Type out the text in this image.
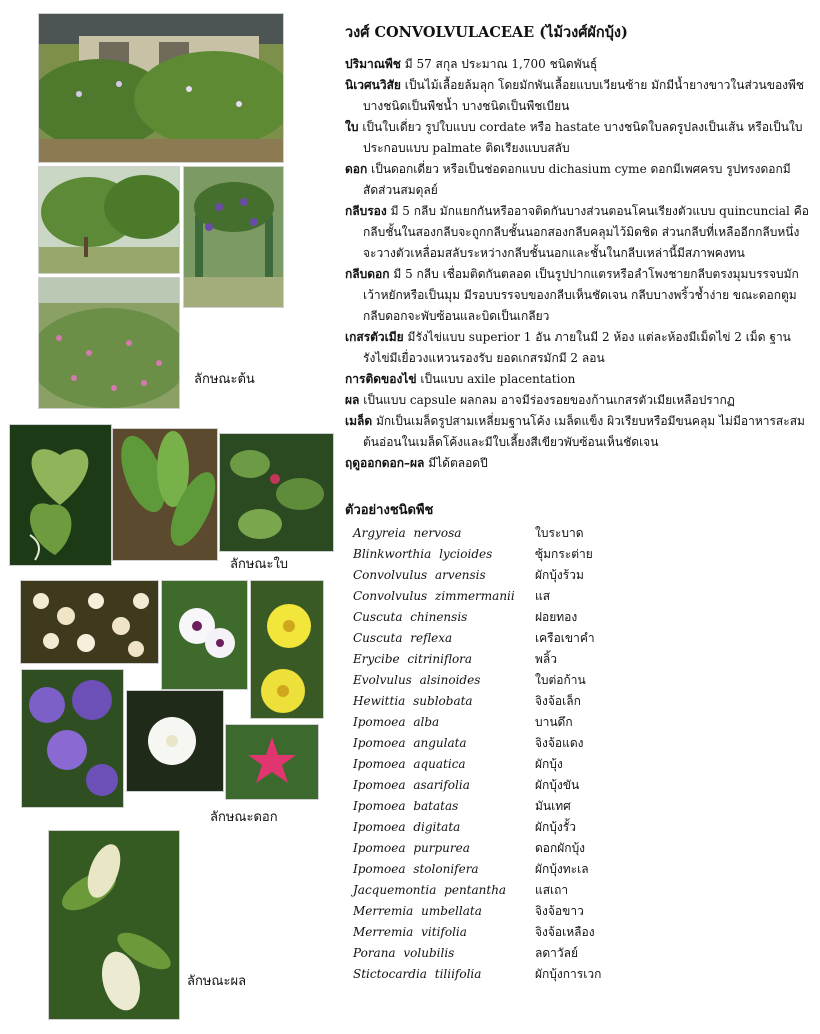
ลักษณะต้น
ลักษณะใบ
ลักษณะดอก
ลักษณะผล
วงศ์ CONVOLVULACEAE (ไม้วงศ์ผักบุ้ง)
ปริมาณพืช มี 57 สกุล ประมาณ 1,700 ชนิดพันธุ์
นิเวศนวิสัย เป็นไม้เลื้อยล้มลุก โดยมักพันเลื้อยแบบเวียนซ้าย มักมีน้ำยางขาวในส่วนของพืช บางชนิดเป็นพืชน้ำ บางชนิดเป็นพืชเบียน
ใบ เป็นใบเดี่ยว รูปใบแบบ cordate หรือ hastate บางชนิดใบลดรูปลงเป็นเส้น หรือเป็นใบประกอบแบบ palmate ติดเรียงแบบสลับ
ดอก เป็นดอกเดี่ยว หรือเป็นช่อดอกแบบ dichasium cyme ดอกมีเพศครบ รูปทรงดอกมีสัดส่วนสมดุลย์
กลีบรอง มี 5 กลีบ มักแยกกันหรืออาจติดกันบางส่วนตอนโคนเรียงตัวแบบ quincuncial คือกลีบชั้นในสองกลีบจะถูกกลีบชั้นนอกสองกลีบคลุมไว้มิดชิด ส่วนกลีบที่เหลืออีกกลีบหนึ่งจะวางตัวเหลื่อมสลับระหว่างกลีบชั้นนอกและชั้นในกลีบเหล่านี้มีสภาพคงทน
กลีบดอก มี 5 กลีบ เชื่อมติดกันตลอด เป็นรูปปากแตรหรือลำโพงชายกลีบตรงมุมบรรจบมักเว้าหยักหรือเป็นมุม มีรอบบรรจบของกลีบเห็นชัดเจน กลีบบางพริ้วช้ำง่าย ขณะดอกตูมกลีบดอกจะพับซ้อนและบิดเป็นเกลียว
เกสรตัวเมีย มีรังไข่แบบ superior 1 อัน ภายในมี 2 ห้อง แต่ละห้องมีเม็ดไข่ 2 เม็ด ฐานรังไข่มีเยื่อวงแหวนรองรับ ยอดเกสรมักมี 2 ลอน
การติดของไข่ เป็นแบบ axile placentation
ผล เป็นแบบ capsule ผลกลม อาจมีร่องรอยของก้านเกสรตัวเมียเหลือปรากฏ
เมล็ด มักเป็นเมล็ดรูปสามเหลี่ยมฐานโค้ง เมล็ดแข็ง ผิวเรียบหรือมีขนคลุม ไม่มีอาหารสะสม ต้นอ่อนในเมล็ดโค้งและมีใบเลี้ยงสีเขียวพับซ้อนเห็นชัดเจน
ฤดูออกดอก–ผล มีได้ตลอดปี
ตัวอย่างชนิดพืช
Argyreia nervosa	ใบระบาด
Blinkworthia lycioides	ซุ้มกระต่าย
Convolvulus arvensis	ผักบุ้งร้วม
Convolvulus zimmermanii	แส
Cuscuta chinensis	ฝอยทอง
Cuscuta reflexa	เครือเขาคำ
Erycibe citriniflora	พลิ้ว
Evolvulus alsinoides	ใบต่อก้าน
Hewittia sublobata	จิงจ้อเล็ก
Ipomoea alba	บานดึก
Ipomoea angulata	จิงจ้อแดง
Ipomoea aquatica	ผักบุ้ง
Ipomoea asarifolia	ผักบุ้งขัน
Ipomoea batatas	มันเทศ
Ipomoea digitata	ผักบุ้งรั้ว
Ipomoea purpurea	ดอกผักบุ้ง
Ipomoea stolonifera	ผักบุ้งทะเล
Jacquemontia pentantha	แสเถา
Merremia umbellata	จิงจ้อขาว
Merremia vitifolia	จิงจ้อเหลือง
Porana volubilis	ลดาวัลย์
Stictocardia tiliifolia	ผักบุ้งการเวก
